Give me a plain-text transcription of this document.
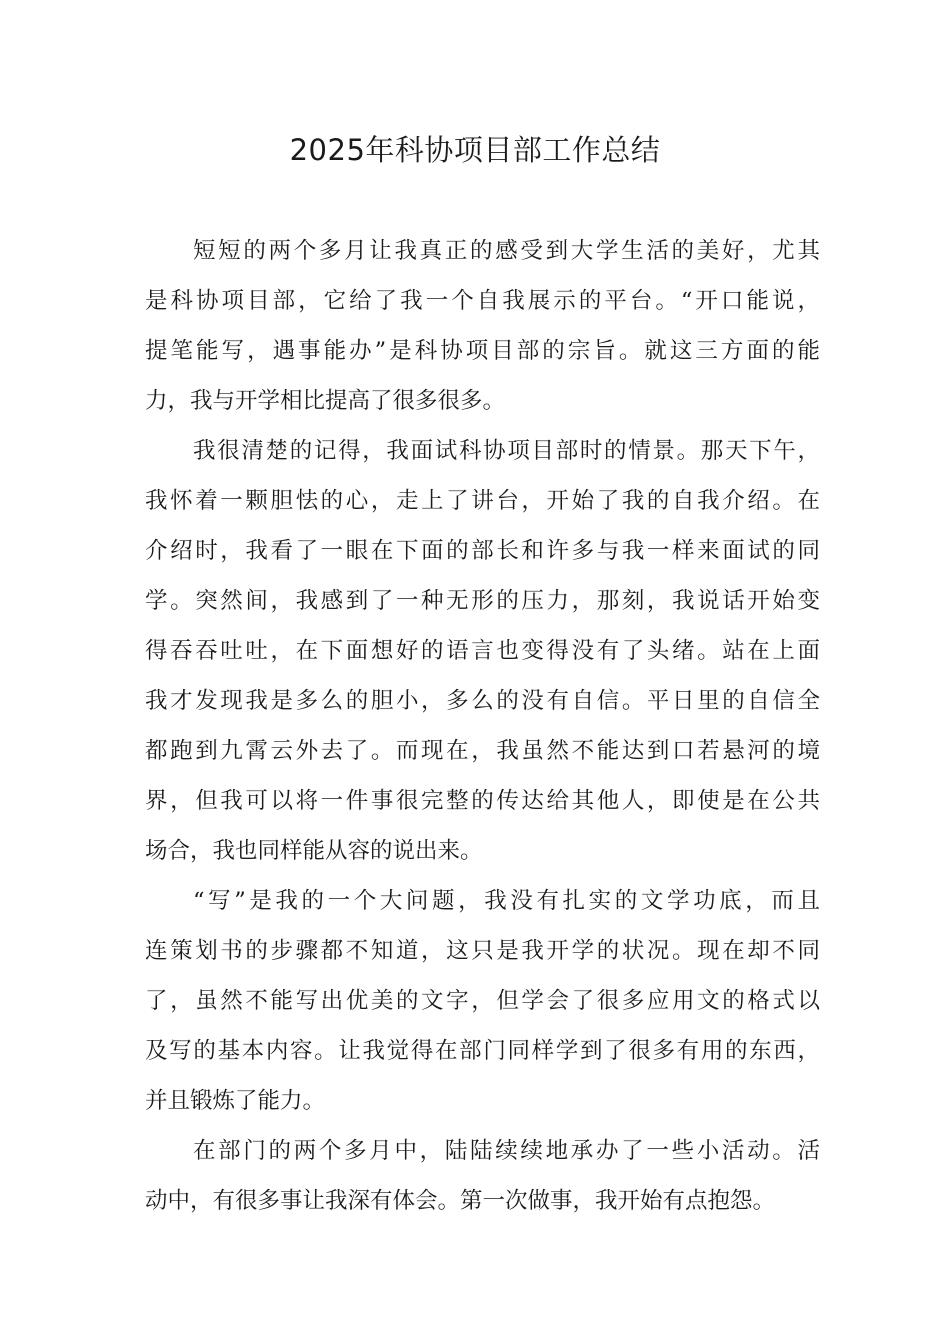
2025年科协项目部工作总结
短短的两个多月让我真正的感受到大学生活的美好，尤其
是科协项目部，它给了我一个自我展示的平台。“开口能说，
提笔能写，遇事能办”是科协项目部的宗旨。就这三方面的能
力，我与开学相比提高了很多很多。
我很清楚的记得，我面试科协项目部时的情景。那天下午，
我怀着一颗胆怯的心，走上了讲台，开始了我的自我介绍。在
介绍时，我看了一眼在下面的部长和许多与我一样来面试的同
学。突然间，我感到了一种无形的压力，那刻，我说话开始变
得吞吞吐吐，在下面想好的语言也变得没有了头绪。站在上面
我才发现我是多么的胆小，多么的没有自信。平日里的自信全
都跑到九霄云外去了。而现在，我虽然不能达到口若悬河的境
界，但我可以将一件事很完整的传达给其他人，即使是在公共
场合，我也同样能从容的说出来。
“写”是我的一个大问题，我没有扎实的文学功底，而且
连策划书的步骤都不知道，这只是我开学的状况。现在却不同
了，虽然不能写出优美的文字，但学会了很多应用文的格式以
及写的基本内容。让我觉得在部门同样学到了很多有用的东西，
并且锻炼了能力。
在部门的两个多月中，陆陆续续地承办了一些小活动。活
动中，有很多事让我深有体会。第一次做事，我开始有点抱怨。
